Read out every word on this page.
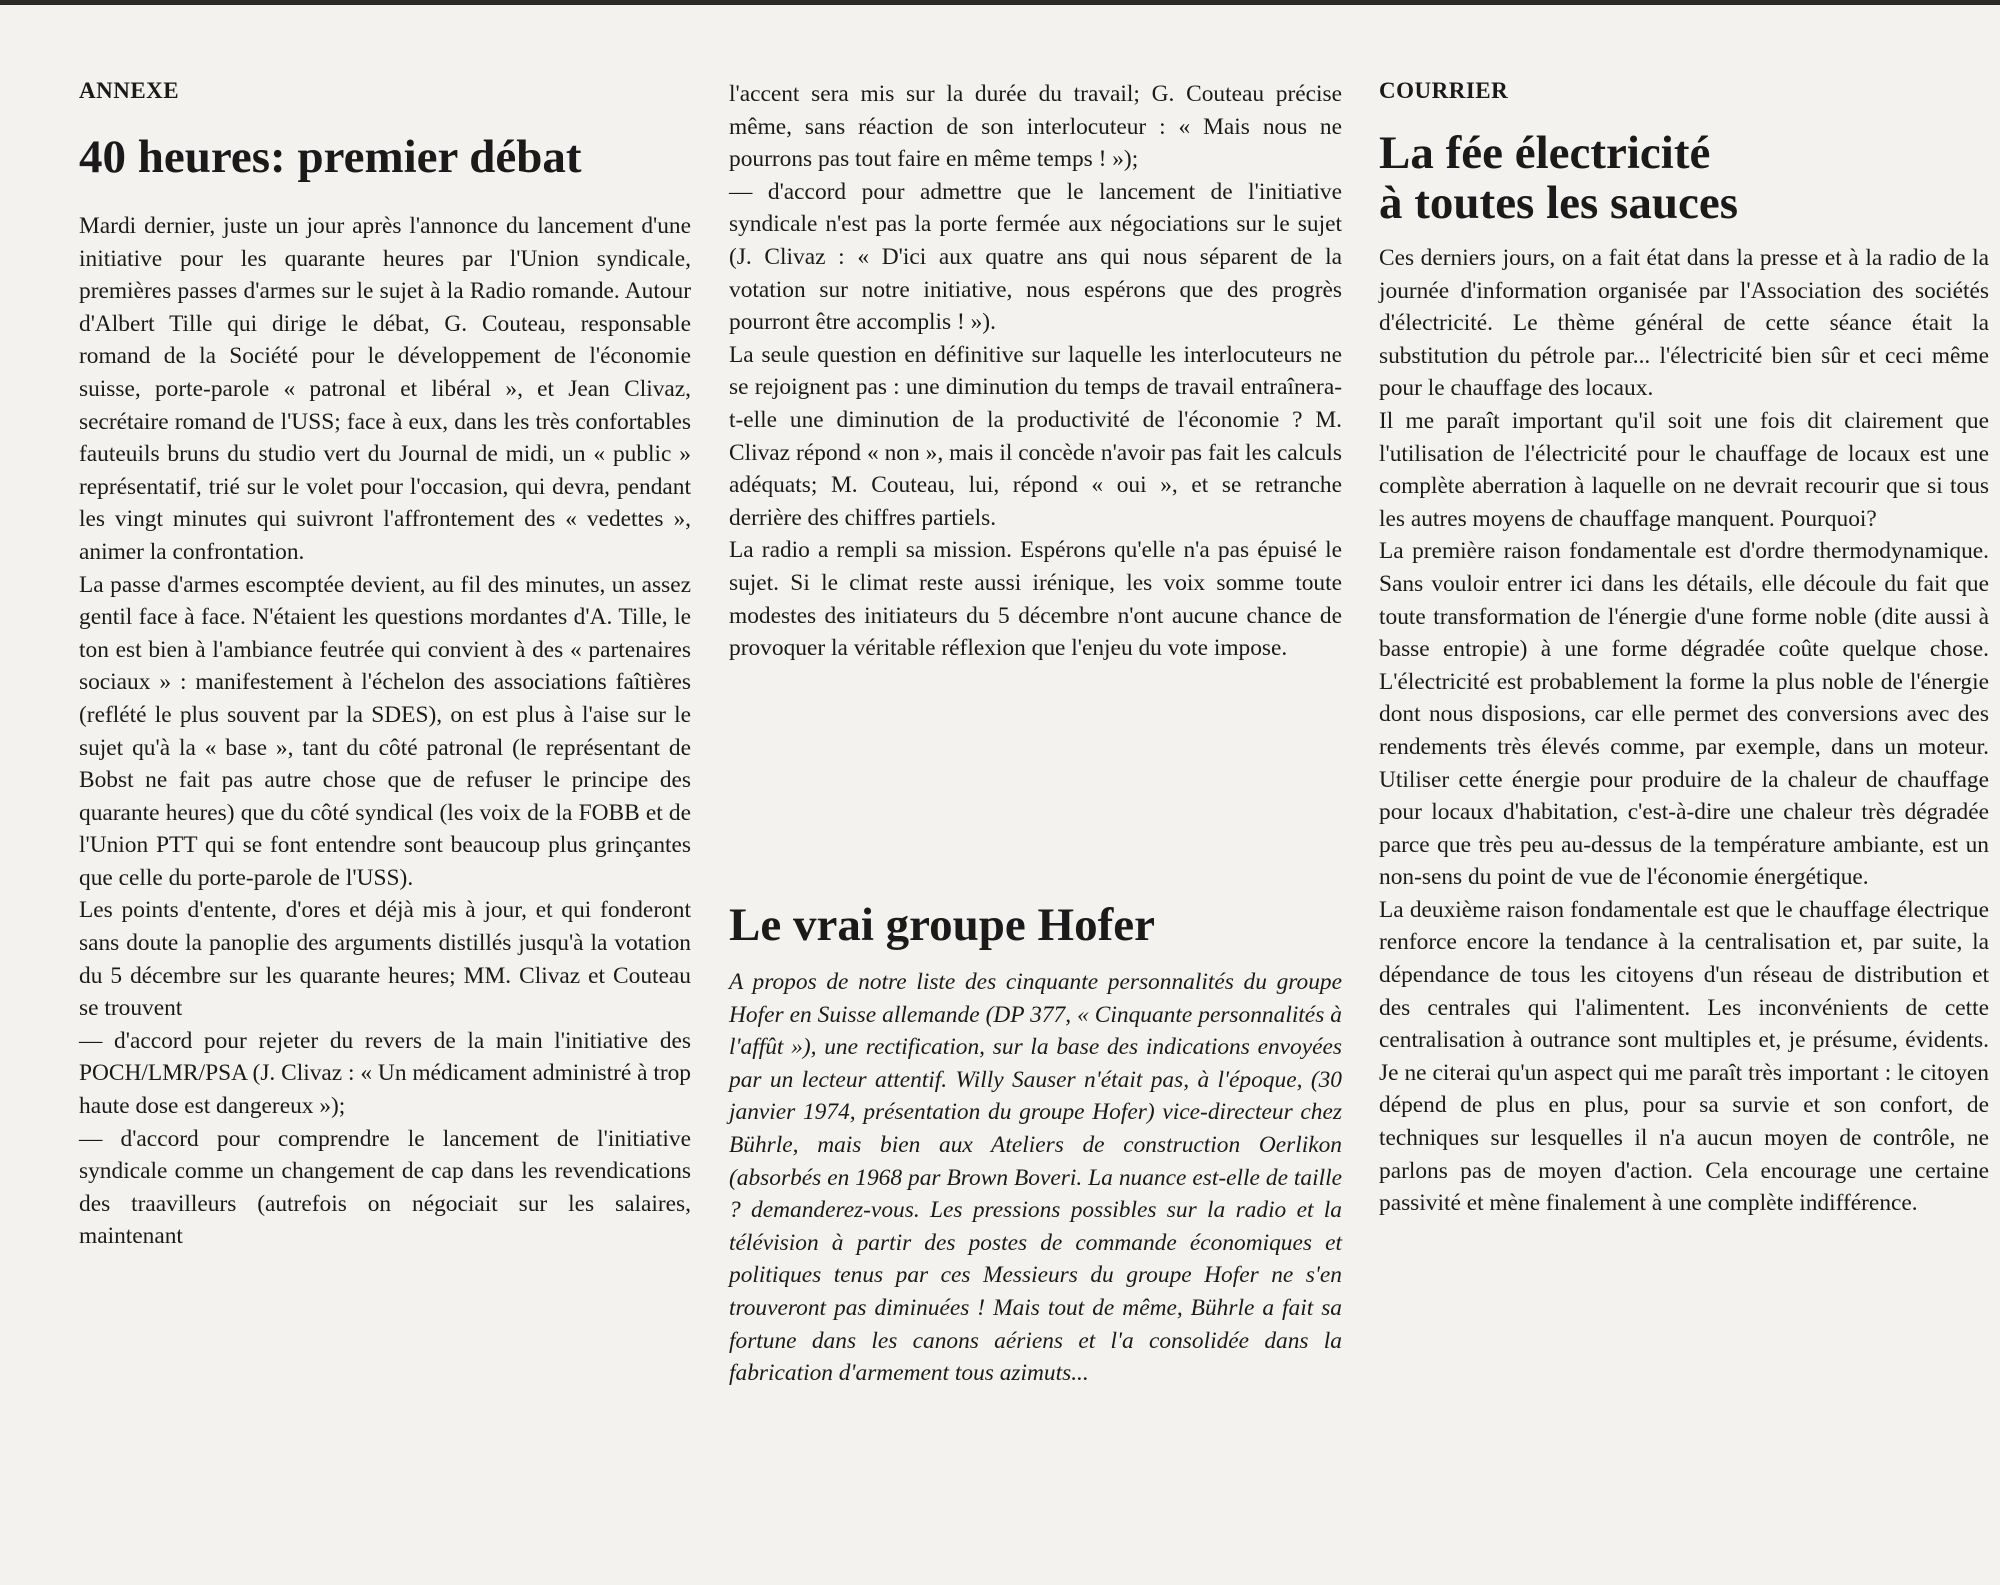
ANNEXE
40 heures: premier débat

Mardi dernier, juste un jour après l'annonce du lancement d'une initiative pour les quarante heures par l'Union syndicale, premières passes d'armes sur le sujet à la Radio romande. Autour d'Albert Tille qui dirige le débat, G. Couteau, responsable romand de la Société pour le développement de l'économie suisse, porte-parole « patronal et libéral », et Jean Clivaz, secrétaire romand de l'USS; face à eux, dans les très confortables fauteuils bruns du studio vert du Journal de midi, un « public » représentatif, trié sur le volet pour l'occasion, qui devra, pendant les vingt minutes qui suivront l'affrontement des « vedettes », animer la confrontation.

La passe d'armes escomptée devient, au fil des minutes, un assez gentil face à face. N'étaient les questions mordantes d'A. Tille, le ton est bien à l'ambiance feutrée qui convient à des « partenaires sociaux » : manifestement à l'échelon des associations faîtières (reflété le plus souvent par la SDES), on est plus à l'aise sur le sujet qu'à la « base », tant du côté patronal (le représentant de Bobst ne fait pas autre chose que de refuser le principe des quarante heures) que du côté syndical (les voix de la FOBB et de l'Union PTT qui se font entendre sont beaucoup plus grinçantes que celle du porte-parole de l'USS).

Les points d'entente, d'ores et déjà mis à jour, et qui fonderont sans doute la panoplie des arguments distillés jusqu'à la votation du 5 décembre sur les quarante heures; MM. Clivaz et Couteau se trouvent

— d'accord pour rejeter du revers de la main l'initiative des POCH/LMR/PSA (J. Clivaz : « Un médicament administré à trop haute dose est dangereux »);

— d'accord pour comprendre le lancement de l'initiative syndicale comme un changement de cap dans les revendications des traavilleurs (autrefois on négociait sur les salaires, maintenant

l'accent sera mis sur la durée du travail; G. Couteau précise même, sans réaction de son interlocuteur : « Mais nous ne pourrons pas tout faire en même temps ! »);

— d'accord pour admettre que le lancement de l'initiative syndicale n'est pas la porte fermée aux négociations sur le sujet (J. Clivaz : « D'ici aux quatre ans qui nous séparent de la votation sur notre initiative, nous espérons que des progrès pourront être accomplis ! »).

La seule question en définitive sur laquelle les interlocuteurs ne se rejoignent pas : une diminution du temps de travail entraînera-t-elle une diminution de la productivité de l'économie ? M. Clivaz répond « non », mais il concède n'avoir pas fait les calculs adéquats; M. Couteau, lui, répond « oui », et se retranche derrière des chiffres partiels.

La radio a rempli sa mission. Espérons qu'elle n'a pas épuisé le sujet. Si le climat reste aussi irénique, les voix somme toute modestes des initiateurs du 5 décembre n'ont aucune chance de provoquer la véritable réflexion que l'enjeu du vote impose.

Le vrai groupe Hofer

A propos de notre liste des cinquante personnalités du groupe Hofer en Suisse allemande (DP 377, « Cinquante personnalités à l'affût »), une rectification, sur la base des indications envoyées par un lecteur attentif. Willy Sauser n'était pas, à l'époque, (30 janvier 1974, présentation du groupe Hofer) vice-directeur chez Bührle, mais bien aux Ateliers de construction Oerlikon (absorbés en 1968 par Brown Boveri. La nuance est-elle de taille ? demanderez-vous. Les pressions possibles sur la radio et la télévision à partir des postes de commande économiques et politiques tenus par ces Messieurs du groupe Hofer ne s'en trouveront pas diminuées ! Mais tout de même, Bührle a fait sa fortune dans les canons aériens et l'a consolidée dans la fabrication d'armement tous azimuts...

COURRIER
La fée électricité
à toutes les sauces

Ces derniers jours, on a fait état dans la presse et à la radio de la journée d'information organisée par l'Association des sociétés d'électricité. Le thème général de cette séance était la substitution du pétrole par... l'électricité bien sûr et ceci même pour le chauffage des locaux.

Il me paraît important qu'il soit une fois dit clairement que l'utilisation de l'électricité pour le chauffage de locaux est une complète aberration à laquelle on ne devrait recourir que si tous les autres moyens de chauffage manquent. Pourquoi?

La première raison fondamentale est d'ordre thermodynamique. Sans vouloir entrer ici dans les détails, elle découle du fait que toute transformation de l'énergie d'une forme noble (dite aussi à basse entropie) à une forme dégradée coûte quelque chose. L'électricité est probablement la forme la plus noble de l'énergie dont nous disposions, car elle permet des conversions avec des rendements très élevés comme, par exemple, dans un moteur. Utiliser cette énergie pour produire de la chaleur de chauffage pour locaux d'habitation, c'est-à-dire une chaleur très dégradée parce que très peu au-dessus de la température ambiante, est un non-sens du point de vue de l'économie énergétique.

La deuxième raison fondamentale est que le chauffage électrique renforce encore la tendance à la centralisation et, par suite, la dépendance de tous les citoyens d'un réseau de distribution et des centrales qui l'alimentent. Les inconvénients de cette centralisation à outrance sont multiples et, je présume, évidents. Je ne citerai qu'un aspect qui me paraît très important : le citoyen dépend de plus en plus, pour sa survie et son confort, de techniques sur lesquelles il n'a aucun moyen de contrôle, ne parlons pas de moyen d'action. Cela encourage une certaine passivité et mène finalement à une complète indifférence.
